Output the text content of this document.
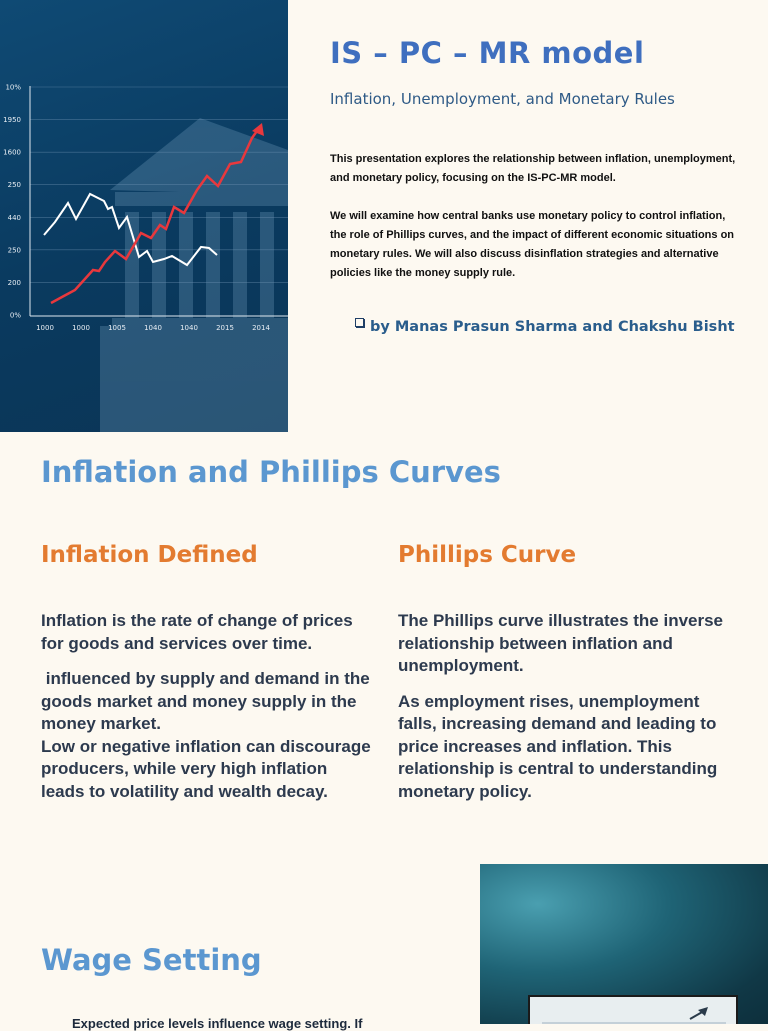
10%
1950
1600
250
440
250
200
0%
1000	1000	1005	1040	1040	2015	2014
IS – PC – MR model

Inflation, Unemployment, and Monetary Rules

This presentation explores the relationship between inflation, unemployment, and monetary policy, focusing on the IS-PC-MR model.

We will examine how central banks use monetary policy to control inflation, the role of Phillips curves, and the impact of different economic situations on monetary rules. We will also discuss disinflation strategies and alternative policies like the money supply rule.

by Manas Prasun Sharma and Chakshu Bisht

Inflation and Phillips Curves
Inflation Defined	Phillips Curve

Inflation is the rate of change of prices for goods and services over time.

influenced by supply and demand in the goods market and money supply in the money market.

Low or negative inflation can discourage producers, while very high inflation leads to volatility and wealth decay.

The Phillips curve illustrates the inverse relationship between inflation and unemployment.

As employment rises, unemployment falls, increasing demand and leading to price increases and inflation. This relationship is central to understanding monetary policy.

Wage Setting

Expected price levels influence wage setting. If
